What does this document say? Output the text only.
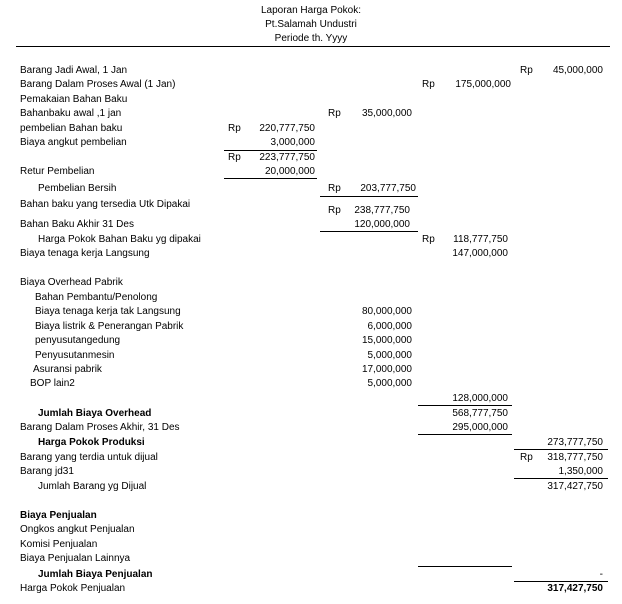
Laporan Harga Pokok:
Pt.Salamah Undustri
Periode th. Yyyy
Barang Jadi Awal, 1 Jan	Rp	45,000,000
Barang Dalam Proses Awal (1 Jan)	Rp	175,000,000
Pemakaian Bahan Baku
Bahanbaku awal ,1 jan	Rp	35,000,000
pembelian Bahan baku	Rp	220,777,750
Biaya angkut pembelian	3,000,000
Rp	223,777,750
Retur Pembelian	20,000,000
Pembelian Bersih	Rp	203,777,750
Bahan baku yang tersedia Utk Dipakai
Rp	238,777,750
Bahan Baku Akhir 31 Des	120,000,000
Harga Pokok Bahan Baku yg dipakai	Rp	118,777,750
Biaya tenaga kerja Langsung	147,000,000
Biaya Overhead Pabrik
Bahan Pembantu/Penolong
Biaya tenaga kerja tak Langsung	80,000,000
Biaya listrik & Penerangan Pabrik	6,000,000
penyusutangedung	15,000,000
Penyusutanmesin	5,000,000
Asuransi pabrik	17,000,000
BOP lain2	5,000,000
128,000,000
Jumlah Biaya Overhead	568,777,750
Barang Dalam Proses Akhir, 31 Des	295,000,000
Harga Pokok Produksi	273,777,750
Barang yang terdia untuk dijual	Rp	318,777,750
Barang jd31	1,350,000
Jumlah Barang yg Dijual	317,427,750
Biaya Penjualan
Ongkos angkut Penjualan
Komisi Penjualan
Biaya Penjualan Lainnya
Jumlah Biaya Penjualan	-
Harga Pokok Penjualan	317,427,750
